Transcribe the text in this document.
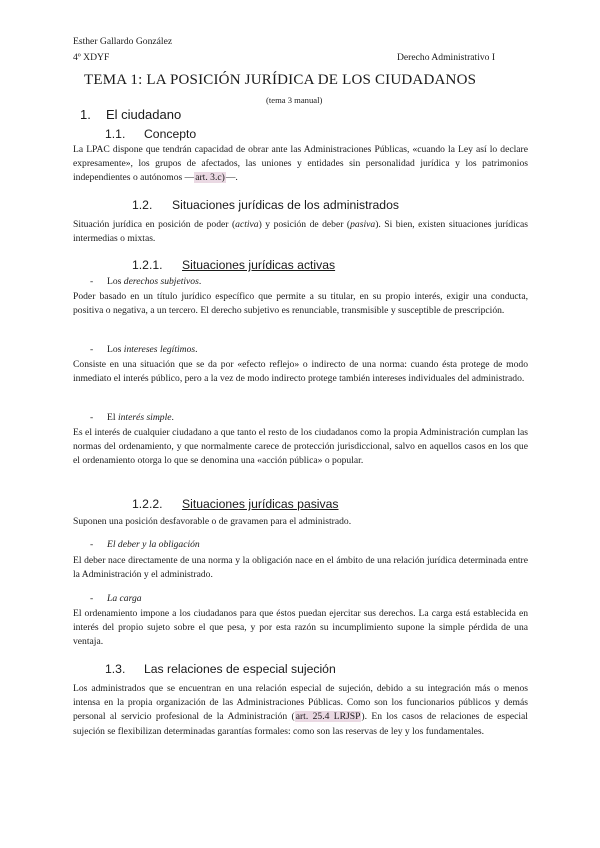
Esther Gallardo González
4º XDYF	Derecho Administrativo I
TEMA 1: LA POSICIÓN JURÍDICA DE LOS CIUDADANOS
(tema 3 manual)
1. El ciudadano
1.1. Concepto
La LPAC dispone que tendrán capacidad de obrar ante las Administraciones Públicas, «cuando la Ley así lo declare expresamente», los grupos de afectados, las uniones y entidades sin personalidad jurídica y los patrimonios independientes o autónomos —art. 3.c)—.
1.2. Situaciones jurídicas de los administrados
Situación jurídica en posición de poder (activa) y posición de deber (pasiva). Si bien, existen situaciones jurídicas intermedias o mixtas.
1.2.1. Situaciones jurídicas activas
- Los derechos subjetivos.
Poder basado en un título jurídico específico que permite a su titular, en su propio interés, exigir una conducta, positiva o negativa, a un tercero. El derecho subjetivo es renunciable, transmisible y susceptible de prescripción.
- Los intereses legítimos.
Consiste en una situación que se da por «efecto reflejo» o indirecto de una norma: cuando ésta protege de modo inmediato el interés público, pero a la vez de modo indirecto protege también intereses individuales del administrado.
- El interés simple.
Es el interés de cualquier ciudadano a que tanto el resto de los ciudadanos como la propia Administración cumplan las normas del ordenamiento, y que normalmente carece de protección jurisdiccional, salvo en aquellos casos en los que el ordenamiento otorga lo que se denomina una «acción pública» o popular.
1.2.2. Situaciones jurídicas pasivas
Suponen una posición desfavorable o de gravamen para el administrado.
- El deber y la obligación
El deber nace directamente de una norma y la obligación nace en el ámbito de una relación jurídica determinada entre la Administración y el administrado.
- La carga
El ordenamiento impone a los ciudadanos para que éstos puedan ejercitar sus derechos. La carga está establecida en interés del propio sujeto sobre el que pesa, y por esta razón su incumplimiento supone la simple pérdida de una ventaja.
1.3. Las relaciones de especial sujeción
Los administrados que se encuentran en una relación especial de sujeción, debido a su integración más o menos intensa en la propia organización de las Administraciones Públicas. Como son los funcionarios públicos y demás personal al servicio profesional de la Administración (art. 25.4 LRJSP). En los casos de relaciones de especial sujeción se flexibilizan determinadas garantías formales: como son las reservas de ley y los fundamentales.
